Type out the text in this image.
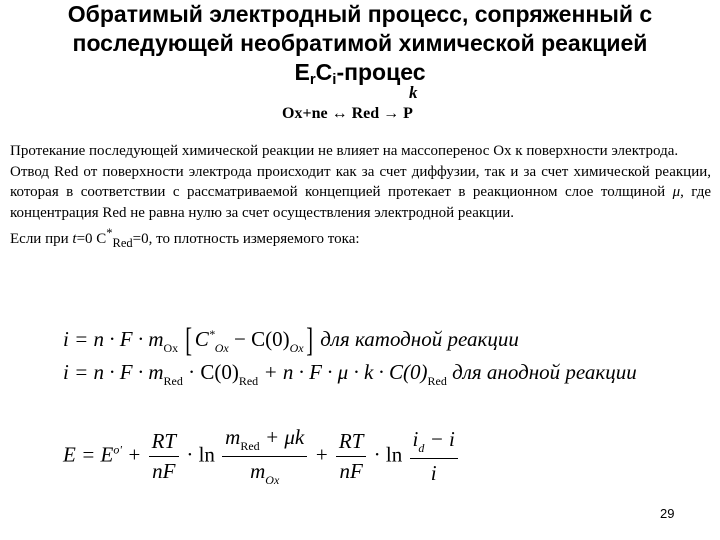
Обратимый электродный процесс, сопряженный с
последующей необратимой химической реакцией
$E_rC_i$-процес
k
Ox+ne ↔ Red → P

Протекание последующей химической реакции не влияет на массоперенос Ox к поверхности электрода.

Отвод Red от поверхности электрода происходит как за счет диффузии, так и за счет химической реакции, которая в соответствии с рассматриваемой концепцией протекает в реакционном слое толщиной μ, где концентрация Red не равна нулю за счет осуществления электродной реакции.

Если при t=0 $C^*_{Red}=0$, то плотность измеряемого тока:

$i = n \cdot F \cdot m_{Ox}$ [ $C^*_{Ox} - C(0)_{Ox}$] для катодной реакции
$i = n \cdot F \cdot m_{Red} \cdot C(0)_{Red} + n \cdot F \cdot \mu \cdot k \cdot C(0)_{Red}$ для анодной реакции
$E = E^{o'} + \frac{RT}{nF} \cdot \ln \frac{m_{Red} + \mu k}{m_{Ox}} + \frac{RT}{nF} \cdot \ln \frac{i_d - i}{i}$
29
